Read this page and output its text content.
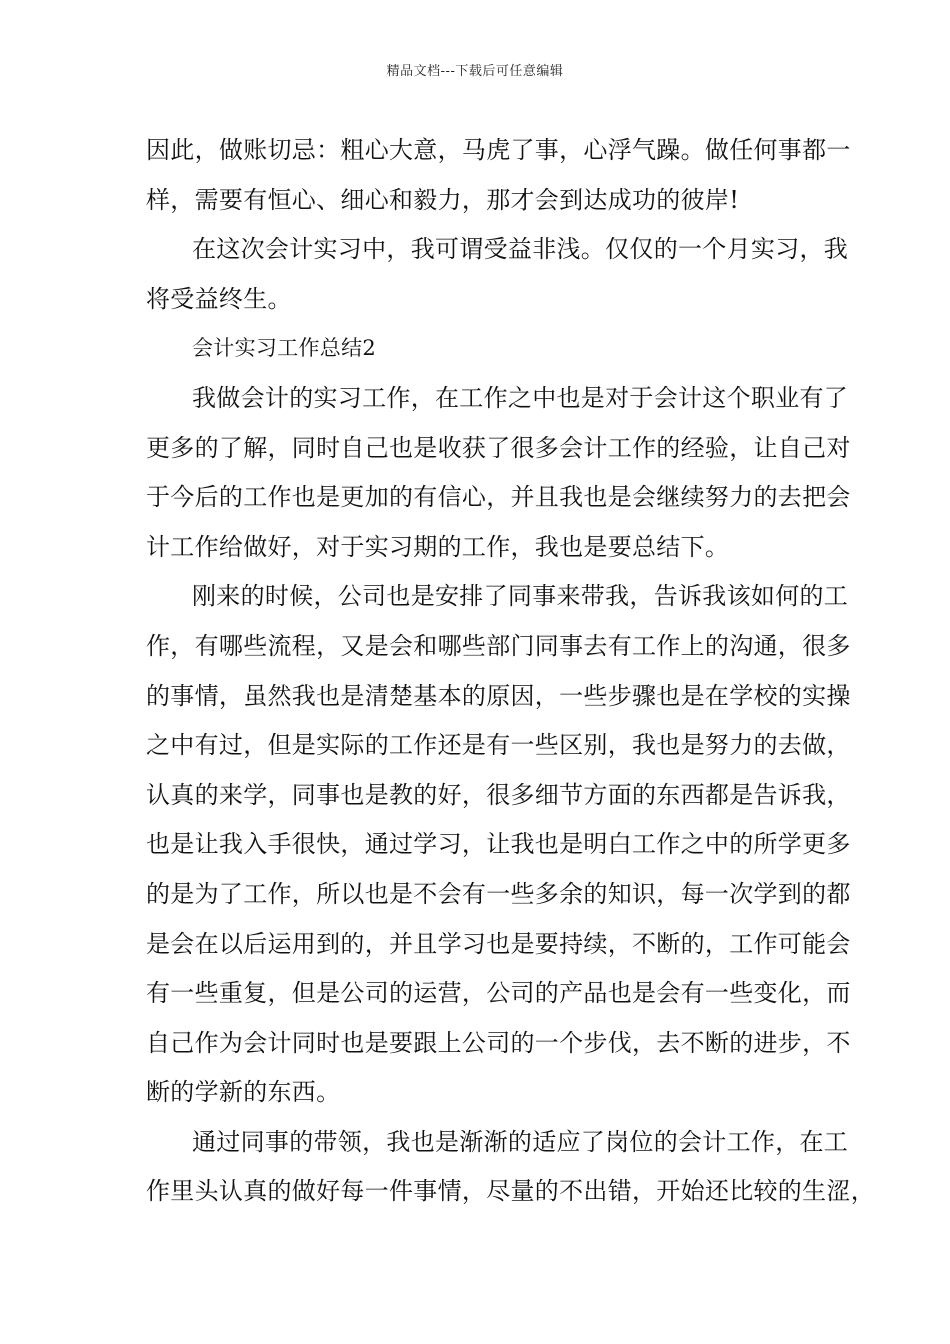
精品文档---下载后可任意编辑
因此，做账切忌：粗心大意，马虎了事，心浮气躁。做任何事都一
样，需要有恒心、细心和毅力，那才会到达成功的彼岸!
在这次会计实习中，我可谓受益非浅。仅仅的一个月实习，我
将受益终生。
会计实习工作总结2
我做会计的实习工作，在工作之中也是对于会计这个职业有了
更多的了解，同时自己也是收获了很多会计工作的经验，让自己对
于今后的工作也是更加的有信心，并且我也是会继续努力的去把会
计工作给做好，对于实习期的工作，我也是要总结下。
刚来的时候，公司也是安排了同事来带我，告诉我该如何的工
作，有哪些流程，又是会和哪些部门同事去有工作上的沟通，很多
的事情，虽然我也是清楚基本的原因，一些步骤也是在学校的实操
之中有过，但是实际的工作还是有一些区别，我也是努力的去做，
认真的来学，同事也是教的好，很多细节方面的东西都是告诉我，
也是让我入手很快，通过学习，让我也是明白工作之中的所学更多
的是为了工作，所以也是不会有一些多余的知识，每一次学到的都
是会在以后运用到的，并且学习也是要持续，不断的，工作可能会
有一些重复，但是公司的运营，公司的产品也是会有一些变化，而
自己作为会计同时也是要跟上公司的一个步伐，去不断的进步，不
断的学新的东西。
通过同事的带领，我也是渐渐的适应了岗位的会计工作，在工
作里头认真的做好每一件事情，尽量的不出错，开始还比较的生涩，
